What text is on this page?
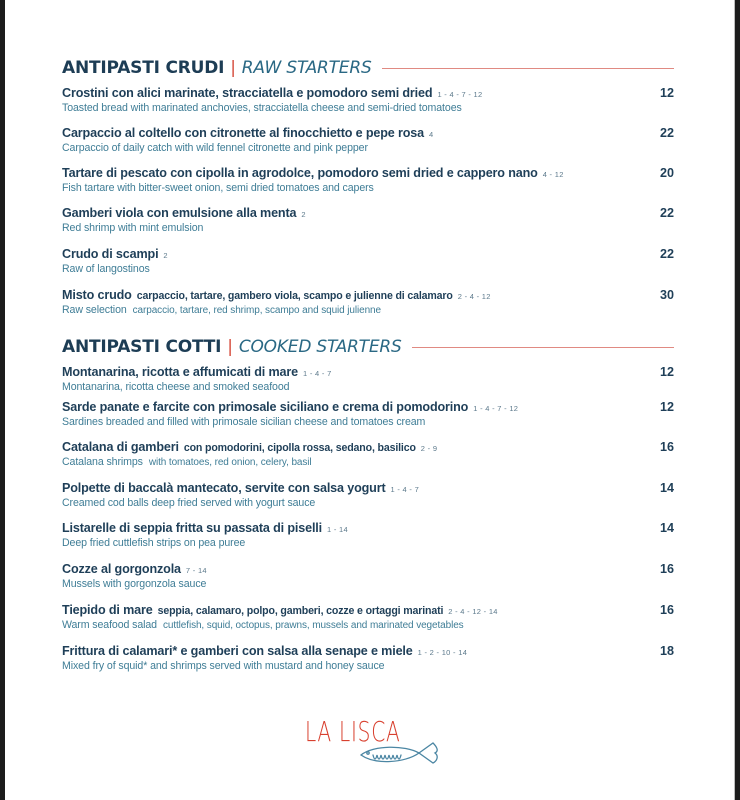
ANTIPASTI CRUDI | RAW STARTERS
Crostini con alici marinate, stracciatella e pomodoro semi dried 1 - 4 - 7 - 12
Toasted bread with marinated anchovies, stracciatella cheese and semi-dried tomatoes
12
Carpaccio al coltello con citronette al finocchietto e pepe rosa 4
Carpaccio of daily catch with wild fennel citronette and pink pepper
22
Tartare di pescato con cipolla in agrodolce, pomodoro semi dried e cappero nano 4 - 12
Fish tartare with bitter-sweet onion, semi dried tomatoes and capers
20
Gamberi viola con emulsione alla menta 2
Red shrimp with mint emulsion
22
Crudo di scampi 2
Raw of langostinos
22
Misto crudo carpaccio, tartare, gambero viola, scampo e julienne di calamaro 2 - 4 - 12
Raw selection carpaccio, tartare, red shrimp, scampo and squid julienne
30
ANTIPASTI COTTI | COOKED STARTERS
Montanarina, ricotta e affumicati di mare 1 - 4 - 7
Montanarina, ricotta cheese and smoked seafood
12
Sarde panate e farcite con primosale siciliano e crema di pomodorino 1 - 4 - 7 - 12
Sardines breaded and filled with primosale sicilian cheese and tomatoes cream
12
Catalana di gamberi con pomodorini, cipolla rossa, sedano, basilico 2 - 9
Catalana shrimps with tomatoes, red onion, celery, basil
16
Polpette di baccalà mantecato, servite con salsa yogurt 1 - 4 - 7
Creamed cod balls deep fried served with yogurt sauce
14
Listarelle di seppia fritta su passata di piselli 1 - 14
Deep fried cuttlefish strips on pea puree
14
Cozze al gorgonzola 7 - 14
Mussels with gorgonzola sauce
16
Tiepido di mare seppia, calamaro, polpo, gamberi, cozze e ortaggi marinati 2 - 4 - 12 - 14
Warm seafood salad cuttlefish, squid, octopus, prawns, mussels and marinated vegetables
16
Frittura di calamari* e gamberi con salsa alla senape e miele 1 - 2 - 10 - 14
Mixed fry of squid* and shrimps served with mustard and honey sauce
18
LA LISCA
